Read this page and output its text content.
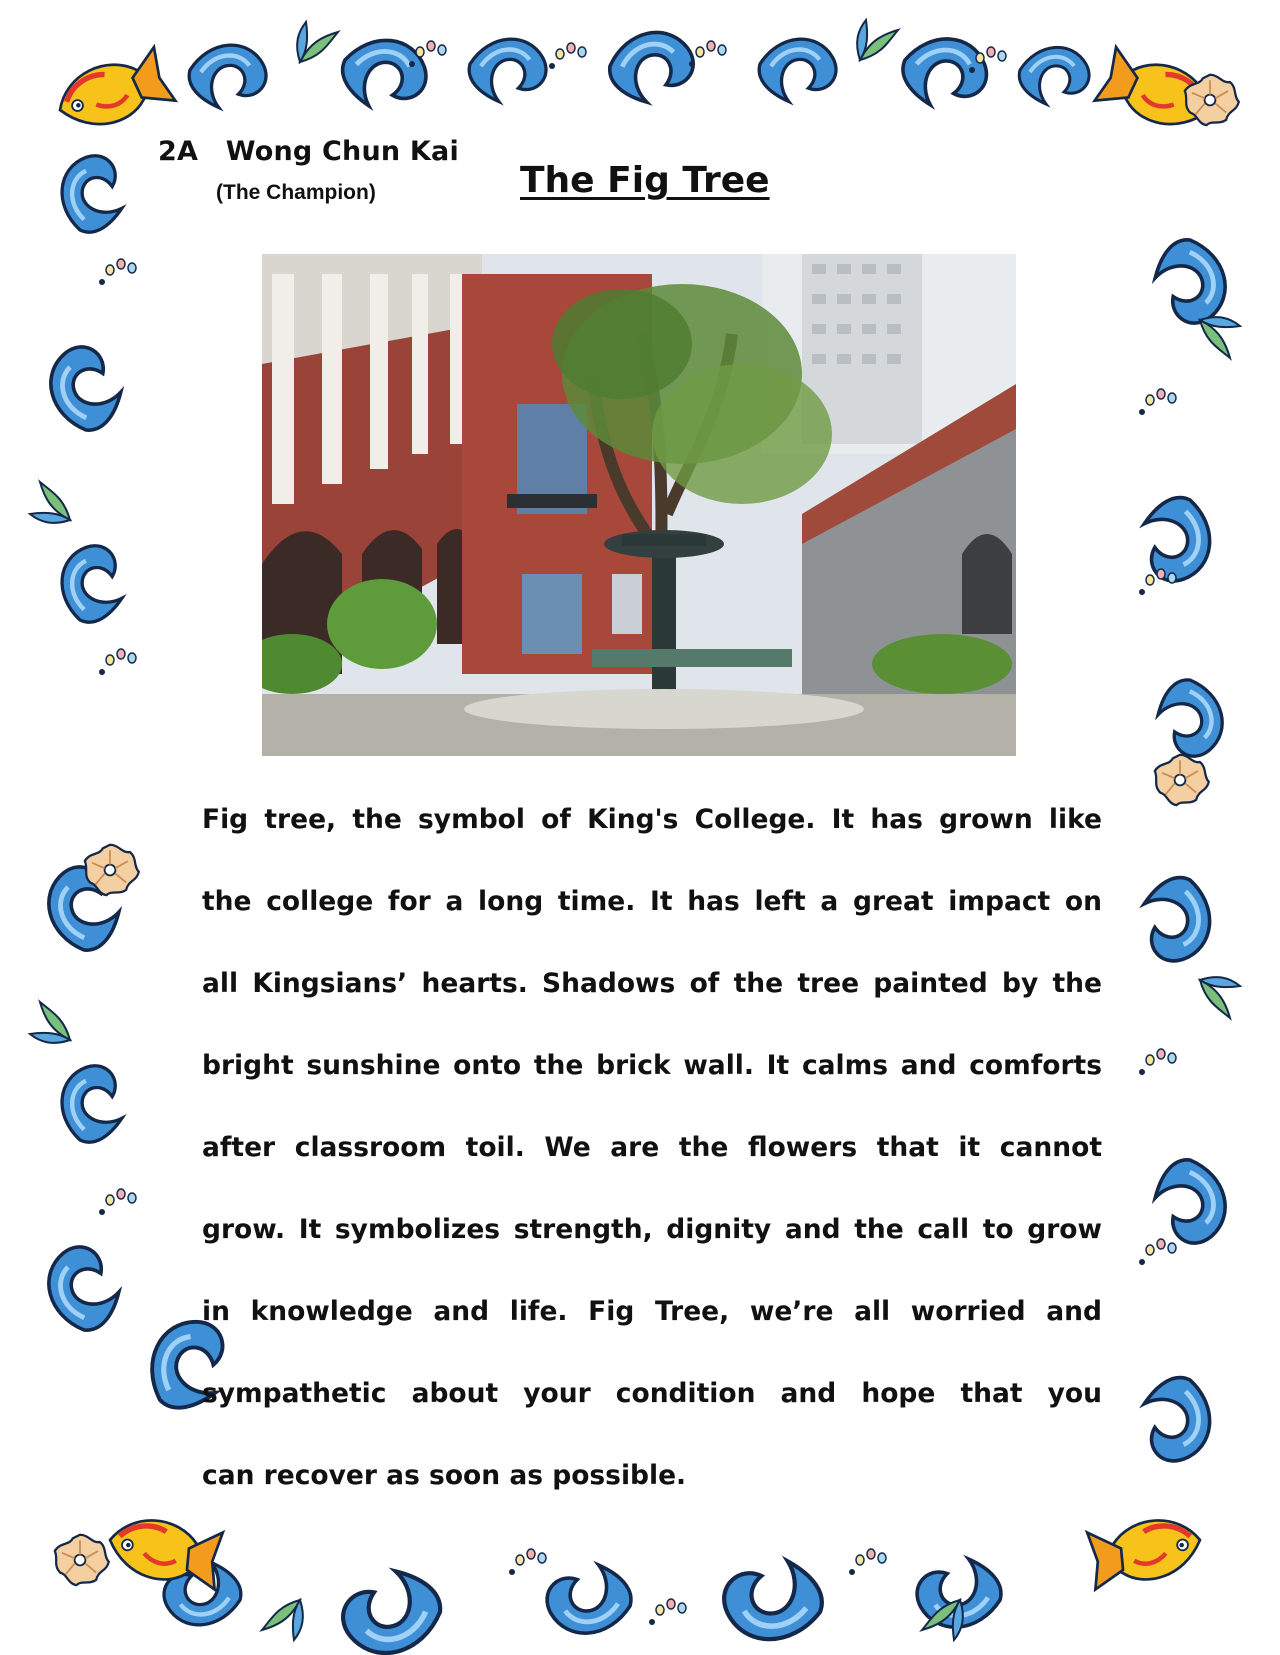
2A Wong Chun Kai
(The Champion)	The Fig Tree
Fig tree, the symbol of King's College. It has grown like
the college for a long time. It has left a great impact on
all Kingsians’ hearts. Shadows of the tree painted by the
bright sunshine onto the brick wall. It calms and comforts
after classroom toil. We are the flowers that it cannot
grow. It symbolizes strength, dignity and the call to grow
in knowledge and life. Fig Tree, we’re all worried and
sympathetic about your condition and hope that you
can recover as soon as possible.
